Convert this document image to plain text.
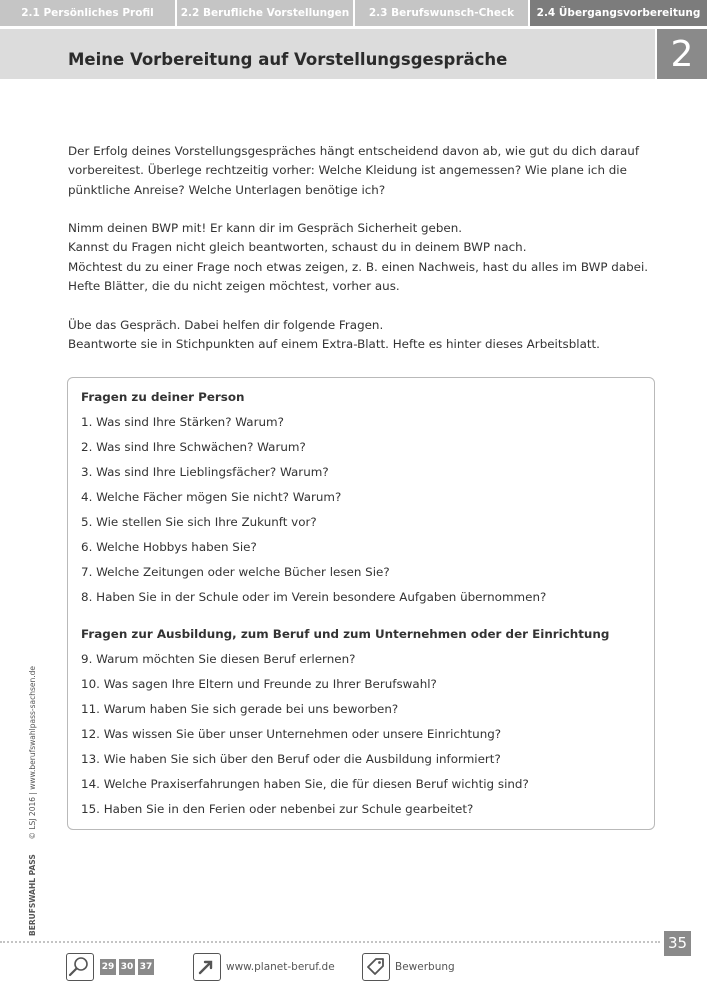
2.1 Persönliches Profil	2.2 Berufliche Vorstellungen	2.3 Berufswunsch-Check	2.4 Übergangsvorbereitung
Meine Vorbereitung auf Vorstellungsgespräche	2

Der Erfolg deines Vorstellungsgespräches hängt entscheidend davon ab, wie gut du dich darauf
vorbereitest. Überlege rechtzeitig vorher: Welche Kleidung ist angemessen? Wie plane ich die
pünktliche Anreise? Welche Unterlagen benötige ich?

Nimm deinen BWP mit! Er kann dir im Gespräch Sicherheit geben.
Kannst du Fragen nicht gleich beantworten, schaust du in deinem BWP nach.
Möchtest du zu einer Frage noch etwas zeigen, z. B. einen Nachweis, hast du alles im BWP dabei.
Hefte Blätter, die du nicht zeigen möchtest, vorher aus.

Übe das Gespräch. Dabei helfen dir folgende Fragen.
Beantworte sie in Stichpunkten auf einem Extra-Blatt. Hefte es hinter dieses Arbeitsblatt.

Fragen zu deiner Person
1. Was sind Ihre Stärken? Warum?
2. Was sind Ihre Schwächen? Warum?
3. Was sind Ihre Lieblingsfächer? Warum?
4. Welche Fächer mögen Sie nicht? Warum?
5. Wie stellen Sie sich Ihre Zukunft vor?
6. Welche Hobbys haben Sie?
7. Welche Zeitungen oder welche Bücher lesen Sie?
8. Haben Sie in der Schule oder im Verein besondere Aufgaben übernommen?
Fragen zur Ausbildung, zum Beruf und zum Unternehmen oder der Einrichtung
9. Warum möchten Sie diesen Beruf erlernen?
10. Was sagen Ihre Eltern und Freunde zu Ihrer Berufswahl?
11. Warum haben Sie sich gerade bei uns beworben?
12. Was wissen Sie über unser Unternehmen oder unsere Einrichtung?
13. Wie haben Sie sich über den Beruf oder die Ausbildung informiert?
14. Welche Praxiserfahrungen haben Sie, die für diesen Beruf wichtig sind?
15. Haben Sie in den Ferien oder nebenbei zur Schule gearbeitet?
BERUFSWAHL PASS  © LSJ 2016 | www.berufswahlpass-sachsen.de
35
29 30 37	www.planet-beruf.de	Bewerbung
